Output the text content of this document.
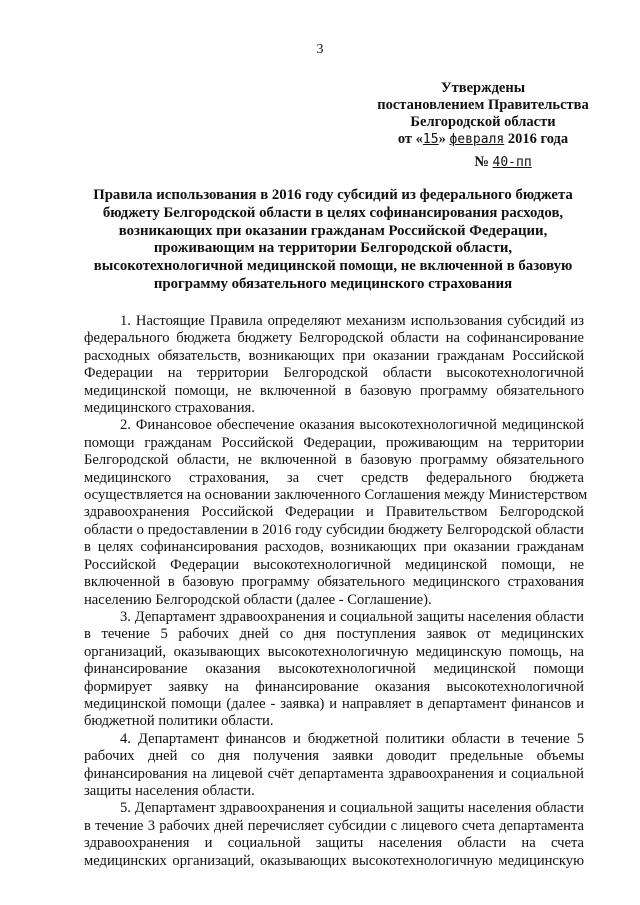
3
Утверждены
постановлением Правительства
Белгородской области
от «15» февраля 2016 года
№ 40-пп
Правила использования в 2016 году субсидий из федерального бюджета
бюджету Белгородской области в целях софинансирования расходов,
возникающих при оказании гражданам Российской Федерации,
проживающим на территории Белгородской области,
высокотехнологичной медицинской помощи, не включенной в базовую
программу обязательного медицинского страхования

1. Настоящие Правила определяют механизм использования субсидий из
федерального бюджета бюджету Белгородской области на софинансирование
расходных обязательств, возникающих при оказании гражданам Российской
Федерации на территории Белгородской области высокотехнологичной
медицинской помощи, не включенной в базовую программу обязательного
медицинского страхования.

2. Финансовое обеспечение оказания высокотехнологичной медицинской
помощи гражданам Российской Федерации, проживающим на территории
Белгородской области, не включенной в базовую программу обязательного
медицинского страхования, за счет средств федерального бюджета
осуществляется на основании заключенного Соглашения между Министерством
здравоохранения Российской Федерации и Правительством Белгородской
области о предоставлении в 2016 году субсидии бюджету Белгородской области
в целях софинансирования расходов, возникающих при оказании гражданам
Российской Федерации высокотехнологичной медицинской помощи, не
включенной в базовую программу обязательного медицинского страхования
населению Белгородской области (далее - Соглашение).

3. Департамент здравоохранения и социальной защиты населения области
в течение 5 рабочих дней со дня поступления заявок от медицинских
организаций, оказывающих высокотехнологичную медицинскую помощь, на
финансирование оказания высокотехнологичной медицинской помощи
формирует заявку на финансирование оказания высокотехнологичной
медицинской помощи (далее - заявка) и направляет в департамент финансов и
бюджетной политики области.

4. Департамент финансов и бюджетной политики области в течение 5
рабочих дней со дня получения заявки доводит предельные объемы
финансирования на лицевой счёт департамента здравоохранения и социальной
защиты населения области.

5. Департамент здравоохранения и социальной защиты населения области
в течение 3 рабочих дней перечисляет субсидии с лицевого счета департамента
здравоохранения и социальной защиты населения области на счета
медицинских организаций, оказывающих высокотехнологичную медицинскую
